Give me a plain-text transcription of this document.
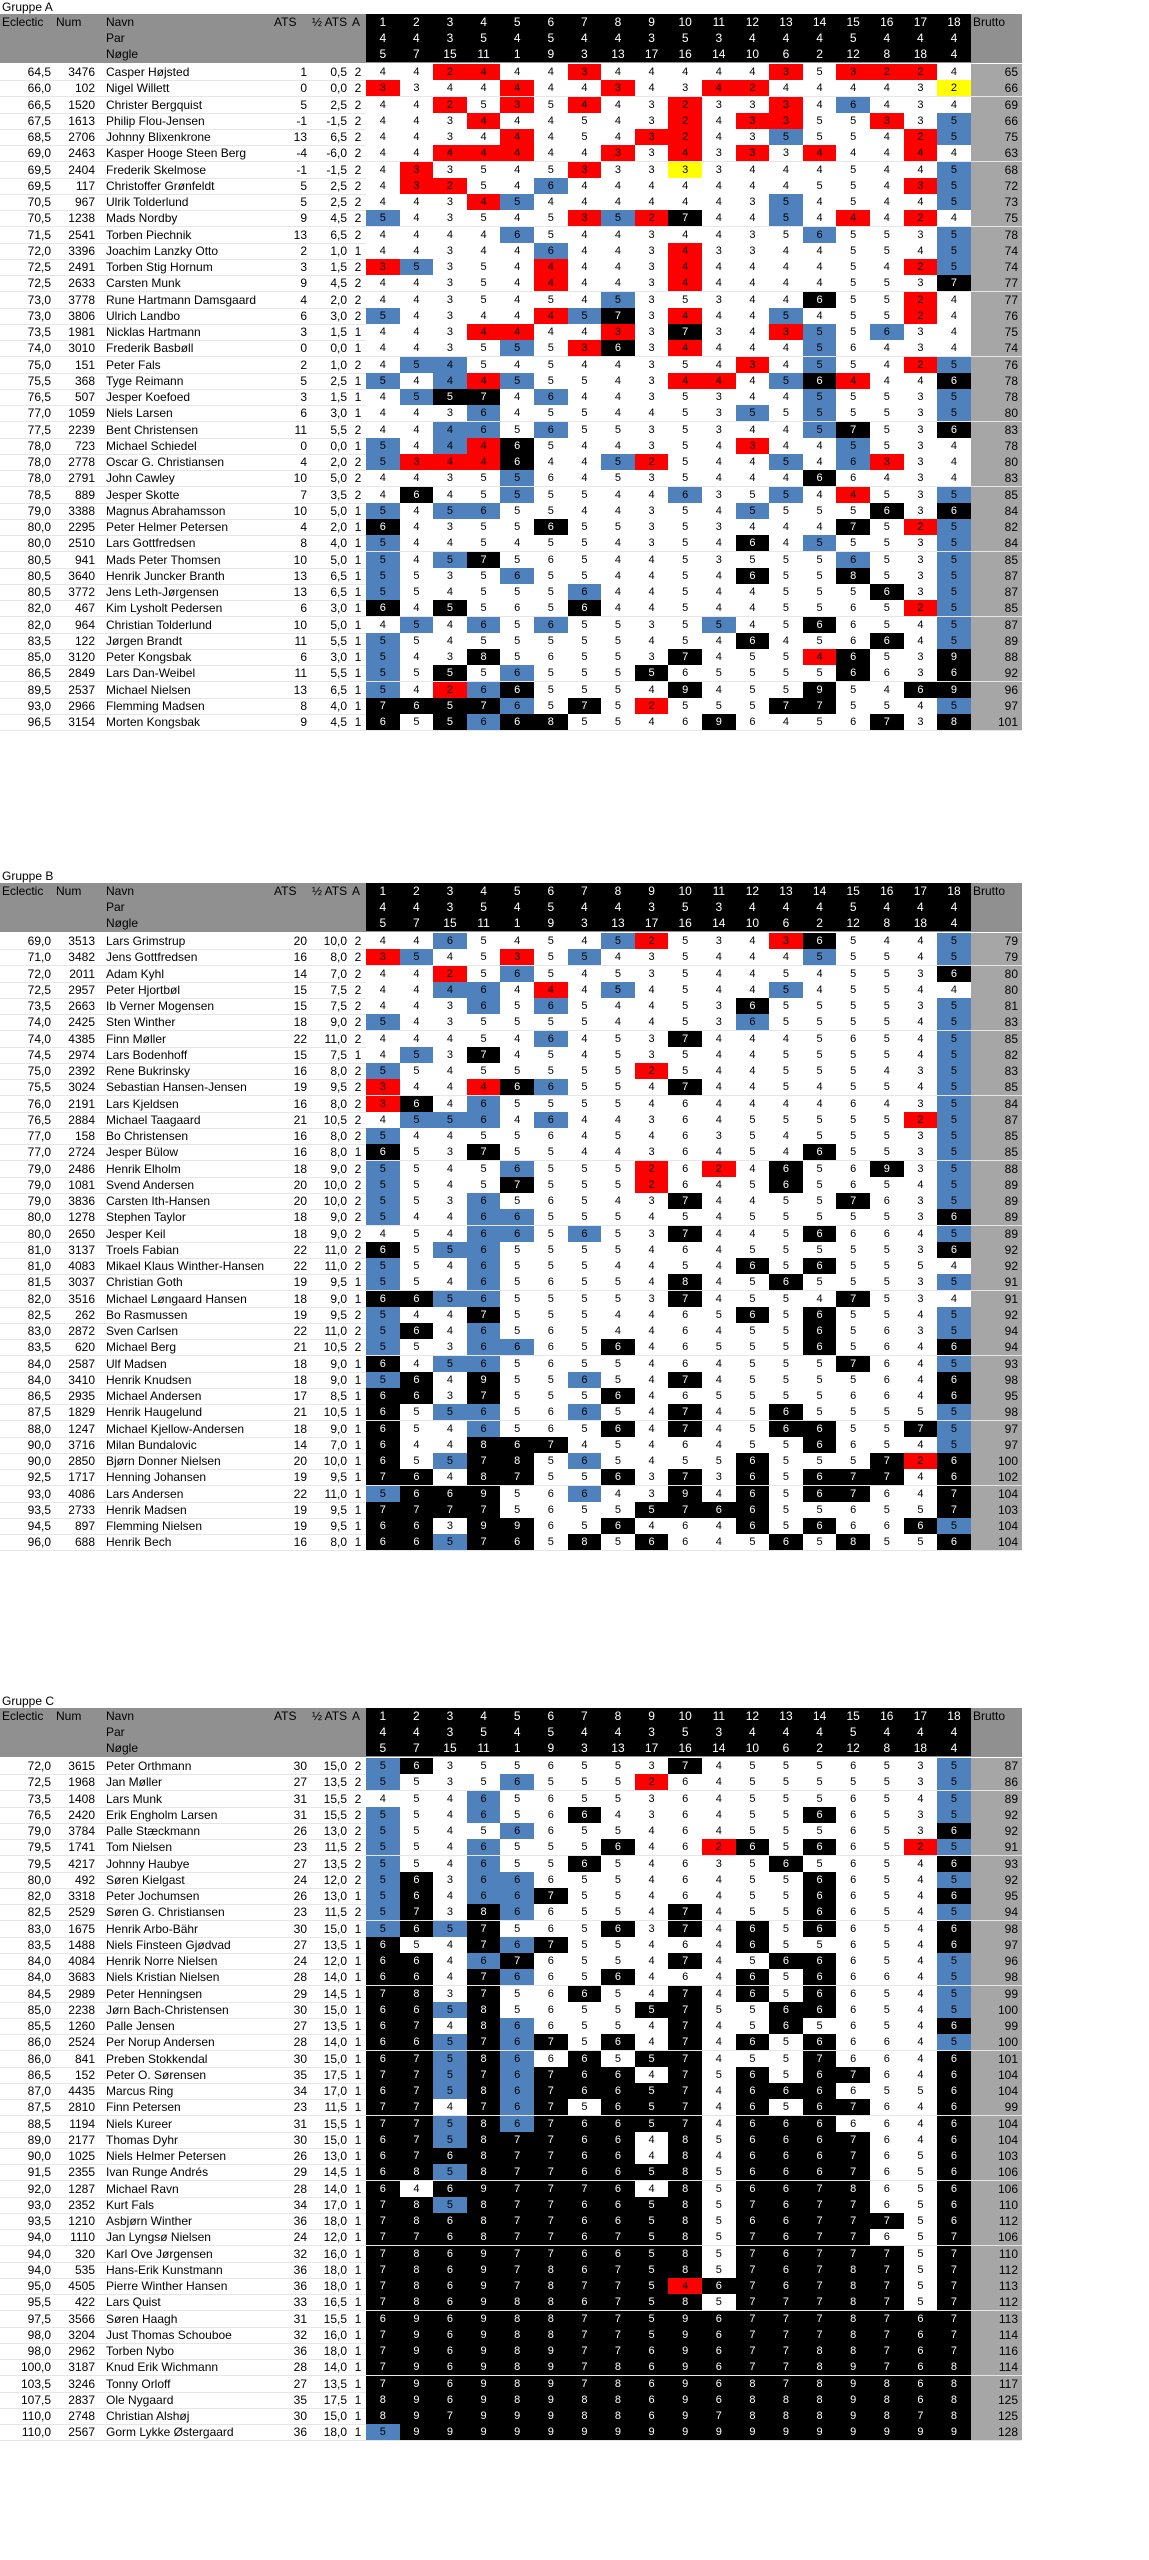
Gruppe A
Eclectic	Num	Navn	ATS	½ ATS A
Par
Nøgle
1	2	3	4	5	6	7	8	9	10	11	12	13	14	15	16	17	18
4	4	3	5	4	5	4	4	3	5	3	4	4	4	5	4	4	4
5	7	15	11	1	9	3	13	17	16	14	10	6	2	12	8	18	4
Brutto
64,5	3476 Casper Højsted	1	0,5 2	4	4	2	4	4	4	3	4	4	4	4	4	3	5	3	2	2	4	65
66,0	102 Nigel Willett	0	0,0 2	3	3	4	4	4	4	4	3	4	3	4	2	4	4	4	4	3	2	66
66,5	1520 Christer Bergquist	5	2,5 2	4	4	2	5	3	5	4	4	3	2	3	3	3	4	6	4	3	4	69
67,5	1613 Philip Flou-Jensen	-1	-1,5 2	4	4	3	4	4	4	5	4	3	2	4	3	3	5	5	3	3	5	66
68,5	2706 Johnny Blixenkrone	13	6,5 2	4	4	3	4	4	4	5	4	3	2	4	3	5	5	5	4	2	5	75
69,0	2463 Kasper Hooge Steen Berg	-4	-6,0 2	4	4	4	4	4	4	4	3	3	4	3	3	3	4	4	4	4	4	63
69,5	2404 Frederik Skelmose	-1	-1,5 2	4	3	3	5	4	5	3	3	3	3	3	4	4	4	5	4	4	5	68
69,5	117 Christoffer Grønfeldt	5	2,5 2	4	3	2	5	4	6	4	4	4	4	4	4	4	5	5	4	3	5	72
70,5	967 Ulrik Tolderlund	5	2,5 2	4	4	3	4	5	4	4	4	4	4	4	3	5	4	5	4	4	5	73
70,5	1238 Mads Nordby	9	4,5 2	5	4	3	5	4	5	3	5	2	7	4	4	5	4	4	4	2	4	75
71,5	2541 Torben Piechnik	13	6,5 2	4	4	4	4	6	5	4	4	3	4	4	3	5	6	5	5	3	5	78
72,0	3396 Joachim Lanzky Otto	2	1,0 1	4	4	3	4	4	6	4	4	3	4	3	3	4	4	5	5	4	5	74
72,5	2491 Torben Stig Hornum	3	1,5 2	3	5	3	5	4	4	4	4	3	4	4	4	4	4	5	4	2	5	74
72,5	2633 Carsten Munk	9	4,5 2	4	4	3	5	4	4	4	4	3	4	4	4	4	4	5	5	3	7	77
73,0	3778 Rune Hartmann Damsgaard	4	2,0 2	4	4	3	5	4	5	4	5	3	5	3	4	4	6	5	5	2	4	77
73,0	3806 Ulrich Landbo	6	3,0 2	5	4	3	4	4	4	5	7	3	4	4	4	5	4	5	5	2	4	76
73,5	1981 Nicklas Hartmann	3	1,5 1	4	4	3	4	4	4	4	3	3	7	3	4	3	5	5	6	3	4	75
74,0	3010 Frederik Basbøll	0	0,0 1	4	4	3	5	5	5	3	6	3	4	4	4	4	5	6	4	3	4	74
75,0	151 Peter Fals	2	1,0 2	4	5	4	5	4	5	4	4	3	5	4	3	4	5	5	4	2	5	76
75,5	368 Tyge Reimann	5	2,5 1	5	4	4	4	5	5	5	4	3	4	4	4	5	6	4	4	4	6	78
76,5	507 Jesper Koefoed	3	1,5 1	4	5	5	7	4	6	4	4	3	5	3	4	4	5	5	5	3	5	78
77,0	1059 Niels Larsen	6	3,0 1	4	4	3	6	4	5	5	4	4	5	3	5	5	5	5	5	3	5	80
77,5	2239 Bent Christensen	11	5,5 2	4	4	4	6	5	6	5	5	3	5	3	4	4	5	7	5	3	6	83
78,0	723 Michael Schiedel	0	0,0 1	5	4	4	4	6	5	4	4	3	5	4	3	4	4	5	5	3	4	78
78,0	2778 Oscar G. Christiansen	4	2,0 2	5	3	4	4	6	4	4	5	2	5	4	4	5	4	6	3	3	4	80
78,0	2791 John Cawley	10	5,0 2	4	4	3	5	5	6	4	5	3	5	4	4	4	6	6	4	3	4	83
78,5	889 Jesper Skotte	7	3,5 2	4	6	4	5	5	5	5	4	4	6	3	5	5	4	4	5	3	5	85
79,0	3388 Magnus Abrahamsson	10	5,0 1	5	4	5	6	5	5	4	4	3	5	4	5	5	5	5	6	3	6	84
80,0	2295 Peter Helmer Petersen	4	2,0 1	6	4	3	5	5	6	5	5	3	5	3	4	4	4	7	5	2	5	82
80,0	2510 Lars Gottfredsen	8	4,0 1	5	4	4	5	4	5	5	4	3	5	4	6	4	5	5	5	3	5	84
80,5	941 Mads Peter Thomsen	10	5,0 1	5	4	5	7	5	6	5	4	4	5	3	5	5	5	6	5	3	5	85
80,5	3640 Henrik Juncker Branth	13	6,5 1	5	5	3	5	6	5	5	4	4	5	4	6	5	5	8	5	3	5	87
80,5	3772 Jens Leth-Jørgensen	13	6,5 1	5	5	4	5	5	5	6	4	4	5	4	4	5	5	5	6	3	5	87
82,0	467 Kim Lysholt Pedersen	6	3,0 1	6	4	5	5	6	5	6	4	4	5	4	4	5	5	6	5	2	5	85
82,0	964 Christian Tolderlund	10	5,0 1	4	5	4	6	5	6	5	5	3	5	5	4	5	6	6	5	4	5	87
83,5	122 Jørgen Brandt	11	5,5 1	5	5	4	5	5	5	5	5	4	5	4	6	4	5	6	6	4	5	89
85,0	3120 Peter Kongsbak	6	3,0 1	5	4	3	8	5	6	5	5	3	7	4	5	5	4	6	5	3	9	88
86,5	2849 Lars Dan-Weibel	11	5,5 1	5	5	5	5	6	5	5	5	5	6	5	5	5	5	6	6	3	6	92
89,5	2537 Michael Nielsen	13	6,5 1	5	4	2	6	6	5	5	5	4	9	4	5	5	9	5	4	6	9	96
93,0	2966 Flemming Madsen	8	4,0 1	7	6	5	7	6	5	7	5	2	5	5	5	7	7	5	5	4	5	97
96,5	3154 Morten Kongsbak	9	4,5 1	6	5	5	6	6	8	5	5	4	6	9	6	4	5	6	7	3	8	101
Gruppe B
Eclectic	Num	Navn	ATS	½ ATS A
Par
Nøgle
1	2	3	4	5	6	7	8	9	10	11	12	13	14	15	16	17	18
4	4	3	5	4	5	4	4	3	5	3	4	4	4	5	4	4	4
5	7	15	11	1	9	3	13	17	16	14	10	6	2	12	8	18	4
Brutto
69,0	3513 Lars Grimstrup	20	10,0 2	4	4	6	5	4	5	4	5	2	5	3	4	3	6	5	4	4	5	79
71,0	3482 Jens Gottfredsen	16	8,0 2	3	5	4	5	3	5	5	4	3	5	4	4	4	5	5	5	4	5	79
72,0	2011 Adam Kyhl	14	7,0 2	4	4	2	5	6	5	4	5	3	5	4	4	5	4	5	5	3	6	80
72,5	2957 Peter Hjortbøl	15	7,5 2	4	4	4	6	4	4	4	5	4	5	4	4	5	4	5	5	4	4	80
73,5	2663 Ib Verner Mogensen	15	7,5 2	4	4	3	6	5	6	5	4	4	5	3	6	5	5	5	5	3	5	81
74,0	2425 Sten Winther	18	9,0 2	5	4	3	5	5	5	5	4	4	5	3	6	5	5	5	5	4	5	83
74,0	4385 Finn Møller	22	11,0 2	4	4	4	5	4	6	4	5	3	7	4	4	4	5	6	5	4	5	85
74,5	2974 Lars Bodenhoff	15	7,5 1	4	5	3	7	4	5	4	5	3	5	4	4	5	5	5	5	4	5	82
75,0	2392 Rene Bukrinsky	16	8,0 2	5	5	4	5	5	5	5	5	2	5	4	4	5	5	5	4	3	5	83
75,5	3024 Sebastian Hansen-Jensen	19	9,5 2	3	4	4	4	6	6	5	5	4	7	4	4	5	4	5	5	4	5	85
76,0	2191 Lars Kjeldsen	16	8,0 2	3	6	4	6	5	5	5	5	4	6	4	4	4	4	6	4	3	5	84
76,5	2884 Michael Taagaard	21	10,5 2	4	5	5	6	4	6	4	4	3	6	4	5	5	5	5	5	2	5	87
77,0	158 Bo Christensen	16	8,0 2	5	4	4	5	5	6	4	5	4	6	3	5	4	5	5	5	3	5	85
77,0	2724 Jesper Bülow	16	8,0 1	6	5	3	7	5	5	4	4	3	6	4	5	4	6	5	5	3	5	85
79,0	2486 Henrik Elholm	18	9,0 2	5	5	4	5	6	5	5	5	2	6	2	4	6	5	6	9	3	5	88
79,0	1081 Svend Andersen	20	10,0 2	5	5	4	5	7	5	5	5	2	6	4	5	6	5	6	5	4	5	89
79,0	3836 Carsten Ith-Hansen	20	10,0 2	5	5	3	6	5	6	5	4	3	7	4	4	5	5	7	6	3	5	89
80,0	1278 Stephen Taylor	18	9,0 2	5	4	4	6	6	5	5	5	4	5	4	5	5	5	5	5	3	6	89
80,0	2650 Jesper Keil	18	9,0 2	4	5	4	6	6	5	6	5	3	7	4	4	5	6	6	6	4	5	89
81,0	3137 Troels Fabian	22	11,0 2	6	5	5	6	5	5	5	5	4	6	4	5	5	5	5	5	3	6	92
81,0	4083 Mikael Klaus Winther-Hansen	22	11,0 2	5	5	4	6	5	5	5	4	4	5	4	6	5	6	5	5	5	4	92
81,5	3037 Christian Goth	19	9,5 1	5	5	4	6	5	6	5	5	4	8	4	5	6	5	5	5	3	5	91
82,0	3516 Michael Løngaard Hansen	18	9,0 1	6	6	5	6	5	5	5	5	3	7	4	5	5	4	7	5	3	4	91
82,5	262 Bo Rasmussen	19	9,5 2	5	4	4	7	5	5	5	4	4	6	5	6	5	6	5	5	4	5	92
83,0	2872 Sven Carlsen	22	11,0 2	5	6	4	6	5	6	5	4	4	6	4	5	5	6	5	6	3	5	94
83,5	620 Michael Berg	21	10,5 2	5	5	3	6	6	6	5	6	4	6	5	5	5	6	5	6	4	6	94
84,0	2587 Ulf Madsen	18	9,0 1	6	4	5	6	5	6	5	5	4	6	4	5	5	5	7	6	4	5	93
84,0	3410 Henrik Knudsen	18	9,0 1	5	6	4	9	5	5	6	5	4	7	4	5	5	5	5	6	4	6	98
86,5	2935 Michael Andersen	17	8,5 1	6	6	3	7	5	5	5	6	4	6	5	5	5	5	6	6	4	6	95
87,5	1829 Henrik Haugelund	21	10,5 1	6	5	5	6	5	6	6	5	4	7	4	5	6	5	5	5	5	5	98
88,0	1247 Michael Kjellow-Andersen	18	9,0 1	6	5	4	6	5	6	5	6	4	7	4	5	6	6	5	5	7	5	97
90,0	3716 Milan Bundalovic	14	7,0 1	6	4	4	8	6	7	4	5	4	6	4	5	5	6	6	5	4	5	97
90,0	2850 Bjørn Donner Nielsen	20	10,0 1	6	5	5	7	8	5	6	5	4	5	5	6	5	5	5	7	2	6	100
92,5	1717 Henning Johansen	19	9,5 1	7	6	4	8	7	5	5	6	3	7	3	6	5	6	7	7	4	6	102
93,0	4086 Lars Andersen	22	11,0 1	5	6	6	9	5	6	6	4	3	9	4	6	5	6	7	6	4	7	104
93,5	2733 Henrik Madsen	19	9,5 1	7	7	7	7	5	6	5	5	5	7	6	6	5	5	6	5	5	7	103
94,5	897 Flemming Nielsen	19	9,5 1	6	6	3	9	9	6	5	6	4	6	4	6	5	6	6	6	6	5	104
96,0	688 Henrik Bech	16	8,0 1	6	6	5	7	6	5	8	5	6	6	4	5	6	5	8	5	5	6	104
Gruppe C
Eclectic	Num	Navn	ATS	½ ATS A
Par
Nøgle
1	2	3	4	5	6	7	8	9	10	11	12	13	14	15	16	17	18
4	4	3	5	4	5	4	4	3	5	3	4	4	4	5	4	4	4
5	7	15	11	1	9	3	13	17	16	14	10	6	2	12	8	18	4
Brutto
72,0	3615 Peter Orthmann	30	15,0 2	5	6	3	5	5	6	5	5	3	7	4	5	5	5	6	5	3	5	87
72,5	1968 Jan Møller	27	13,5 2	5	5	3	5	6	5	5	5	2	6	4	5	5	5	5	5	3	5	86
73,5	1408 Lars Munk	31	15,5 2	4	5	4	6	5	6	5	5	3	6	4	5	5	5	6	5	4	5	89
76,5	2420 Erik Engholm Larsen	31	15,5 2	5	5	4	6	5	6	6	4	3	6	4	5	5	6	6	5	3	5	92
79,0	3784 Palle Stæckmann	26	13,0 2	5	5	4	5	6	6	5	5	4	6	4	5	5	5	6	5	3	6	92
79,5	1741 Tom Nielsen	23	11,5 2	5	5	4	6	5	5	5	6	4	6	2	6	5	6	6	5	2	5	91
79,5	4217 Johnny Haubye	27	13,5 2	5	5	4	6	5	5	6	5	4	6	3	5	6	5	6	5	4	6	93
80,0	492 Søren Kielgast	24	12,0 2	5	6	3	6	6	6	5	5	4	6	4	5	5	6	6	5	4	5	92
82,0	3318 Peter Jochumsen	26	13,0 1	5	6	4	6	6	7	5	5	4	6	4	5	5	6	6	5	4	6	95
82,5	2529 Søren G. Christiansen	23	11,5 2	5	7	3	8	6	6	5	5	4	7	4	5	5	6	6	5	4	5	94
83,0	1675 Henrik Arbo-Bähr	30	15,0 1	5	6	5	7	5	6	5	6	3	7	4	6	5	6	6	5	4	6	98
83,5	1488 Niels Finsteen Gjødvad	27	13,5 1	6	5	4	7	6	7	5	5	4	6	4	6	5	5	6	5	4	6	97
84,0	4084 Henrik Norre Nielsen	24	12,0 1	6	6	4	6	7	6	5	5	4	7	4	5	6	6	6	5	4	5	96
84,0	3683 Niels Kristian Nielsen	28	14,0 1	6	6	4	7	6	6	5	6	4	6	4	6	5	6	6	6	4	5	98
84,5	2989 Peter Henningsen	29	14,5 1	7	8	3	7	5	6	6	5	4	7	4	6	5	6	6	5	4	5	99
85,0	2238 Jørn Bach-Christensen	30	15,0 1	6	6	5	8	5	6	5	5	5	7	5	5	6	6	6	5	4	5	100
85,5	1260 Palle Jensen	27	13,5 1	6	7	4	8	6	6	5	5	4	7	4	5	6	5	6	5	4	6	99
86,0	2524 Per Norup Andersen	28	14,0 1	6	6	5	7	6	7	5	6	4	7	4	6	5	6	6	6	4	5	100
86,0	841 Preben Stokkendal	30	15,0 1	6	7	5	8	6	6	6	5	5	7	4	5	5	7	6	6	4	6	101
86,5	152 Peter O. Sørensen	35	17,5 1	7	7	5	7	6	7	6	6	4	7	5	6	5	6	7	6	4	6	104
87,0	4435 Marcus Ring	34	17,0 1	6	7	5	8	6	7	6	6	5	7	4	6	6	6	6	5	5	6	104
87,5	2810 Finn Petersen	23	11,5 1	7	7	4	7	6	7	5	6	5	7	4	6	5	6	7	6	4	6	99
88,5	1194 Niels Kureer	31	15,5 1	7	7	5	8	6	7	6	6	5	7	4	6	6	6	6	6	4	6	104
89,0	2177 Thomas Dyhr	30	15,0 1	6	7	5	8	7	7	6	6	4	8	5	6	6	6	7	6	4	6	104
90,0	1025 Niels Helmer Petersen	26	13,0 1	6	7	6	8	7	7	6	6	4	8	4	6	6	6	7	6	5	6	103
91,5	2355 Ivan Runge Andrés	29	14,5 1	6	8	5	8	7	7	6	6	5	8	5	6	6	6	7	6	5	6	106
92,0	1287 Michael Ravn	28	14,0 1	6	4	6	9	7	7	7	6	4	8	5	6	6	7	8	6	5	6	106
93,0	2352 Kurt Fals	34	17,0 1	7	8	5	8	7	7	6	6	5	8	5	7	6	7	7	6	5	6	110
93,5	1210 Asbjørn Winther	36	18,0 1	7	8	6	8	7	7	6	6	5	8	5	6	6	7	7	7	5	6	112
94,0	1110 Jan Lyngsø Nielsen	24	12,0 1	7	7	6	8	7	7	6	7	5	8	5	7	6	7	7	6	5	7	106
94,0	320 Karl Ove Jørgensen	32	16,0 1	7	8	6	9	7	7	6	6	5	8	5	7	6	7	7	7	5	7	110
94,0	535 Hans-Erik Kunstmann	36	18,0 1	7	8	6	9	7	8	6	7	5	8	5	7	6	7	8	7	5	7	112
95,0	4505 Pierre Winther Hansen	36	18,0 1	7	8	6	9	7	8	7	7	5	4	6	7	6	7	8	7	5	7	113
95,5	422 Lars Quist	33	16,5 1	7	8	6	9	8	8	6	7	5	8	5	7	7	7	8	7	5	7	112
97,5	3566 Søren Haagh	31	15,5 1	6	9	6	9	8	8	7	7	5	9	6	7	7	7	8	7	6	7	113
98,0	3204 Just Thomas Schouboe	32	16,0 1	7	9	6	9	8	8	7	7	5	9	6	7	7	7	8	7	6	7	114
98,0	2962 Torben Nybo	36	18,0 1	7	9	6	9	8	9	7	7	6	9	6	7	7	8	8	7	6	7	116
100,0	3187 Knud Erik Wichmann	28	14,0 1	7	9	6	9	8	9	7	8	6	9	6	7	7	8	9	7	6	8	114
103,5	3246 Tonny Orloff	27	13,5 1	7	9	6	9	8	9	7	8	6	9	6	8	7	8	9	8	6	8	117
107,5	2837 Ole Nygaard	35	17,5 1	8	9	6	9	8	9	8	8	6	9	6	8	8	8	9	8	6	8	125
110,0	2748 Christian Alshøj	30	15,0 1	8	9	7	9	9	9	8	8	6	9	7	8	8	8	9	8	7	8	125
110,0	2567 Gorm Lykke Østergaard	36	18,0 1	5	9	9	9	9	9	9	9	9	9	9	9	9	9	9	9	9	9	128
